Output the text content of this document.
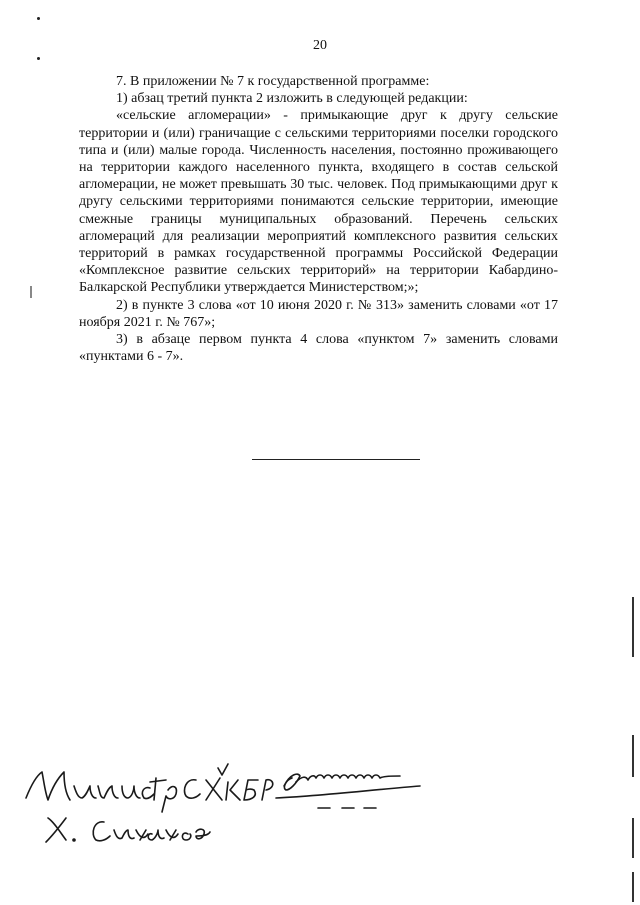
20

7. В приложении № 7 к государственной программе:

1) абзац третий пункта 2 изложить в следующей редакции:

«сельские агломерации» - примыкающие друг к другу сельские территории и (или) граничащие с сельскими территориями поселки городского типа и (или) малые города. Численность населения, постоянно проживающего на территории каждого населенного пункта, входящего в состав сельской агломерации, не может превышать 30 тыс. человек. Под примыкающими друг к другу сельскими территориями понимаются сельские территории, имеющие смежные границы муниципальных образований. Перечень сельских агломераций для реализации мероприятий комплексного развития сельских территорий в рамках государственной программы Российской Федерации «Комплексное развитие сельских территорий» на территории Кабардино-Балкарской Республики утверждается Министерством;»;

2) в пункте 3 слова «от 10 июня 2020 г. № 313» заменить словами «от 17 ноября 2021 г. № 767»;

3) в абзаце первом пункта 4 слова «пунктом 7» заменить словами «пунктами 6 - 7».
